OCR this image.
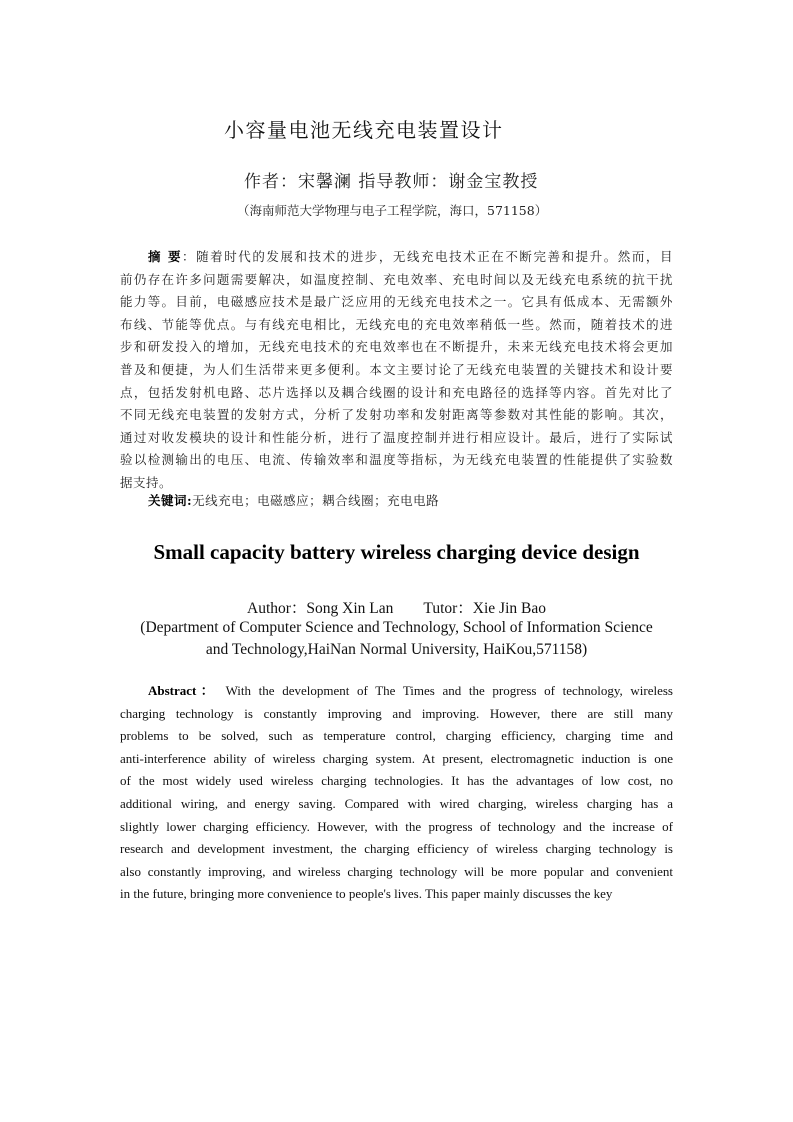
小容量电池无线充电装置设计
作者：宋馨澜 指导教师：谢金宝教授
（海南师范大学物理与电子工程学院，海口，571158）
摘 要：随着时代的发展和技术的进步，无线充电技术正在不断完善和提升。然而，目
前仍存在许多问题需要解决，如温度控制、充电效率、充电时间以及无线充电系统的抗干扰
能力等。目前，电磁感应技术是最广泛应用的无线充电技术之一。它具有低成本、无需额外
布线、节能等优点。与有线充电相比，无线充电的充电效率稍低一些。然而，随着技术的进
步和研发投入的增加，无线充电技术的充电效率也在不断提升，未来无线充电技术将会更加
普及和便捷，为人们生活带来更多便利。本文主要讨论了无线充电装置的关键技术和设计要
点，包括发射机电路、芯片选择以及耦合线圈的设计和充电路径的选择等内容。首先对比了
不同无线充电装置的发射方式，分析了发射功率和发射距离等参数对其性能的影响。其次，
通过对收发模块的设计和性能分析，进行了温度控制并进行相应设计。最后，进行了实际试
验以检测输出的电压、电流、传输效率和温度等指标，为无线充电装置的性能提供了实验数
据支持。
关键词:无线充电；电磁感应；耦合线圈；充电电路
Small capacity battery wireless charging device design
Author：Song Xin Lan Tutor：Xie Jin Bao
(Department of Computer Science and Technology, School of Information Science
and Technology,HaiNan Normal University, HaiKou,571158)
Abstract： With the development of The Times and the progress of technology, wireless
charging technology is constantly improving and improving. However, there are still many
problems to be solved, such as temperature control, charging efficiency, charging time and
anti-interference ability of wireless charging system. At present, electromagnetic induction is one
of the most widely used wireless charging technologies. It has the advantages of low cost, no
additional wiring, and energy saving. Compared with wired charging, wireless charging has a
slightly lower charging efficiency. However, with the progress of technology and the increase of
research and development investment, the charging efficiency of wireless charging technology is
also constantly improving, and wireless charging technology will be more popular and convenient
in the future, bringing more convenience to people's lives. This paper mainly discusses the key
